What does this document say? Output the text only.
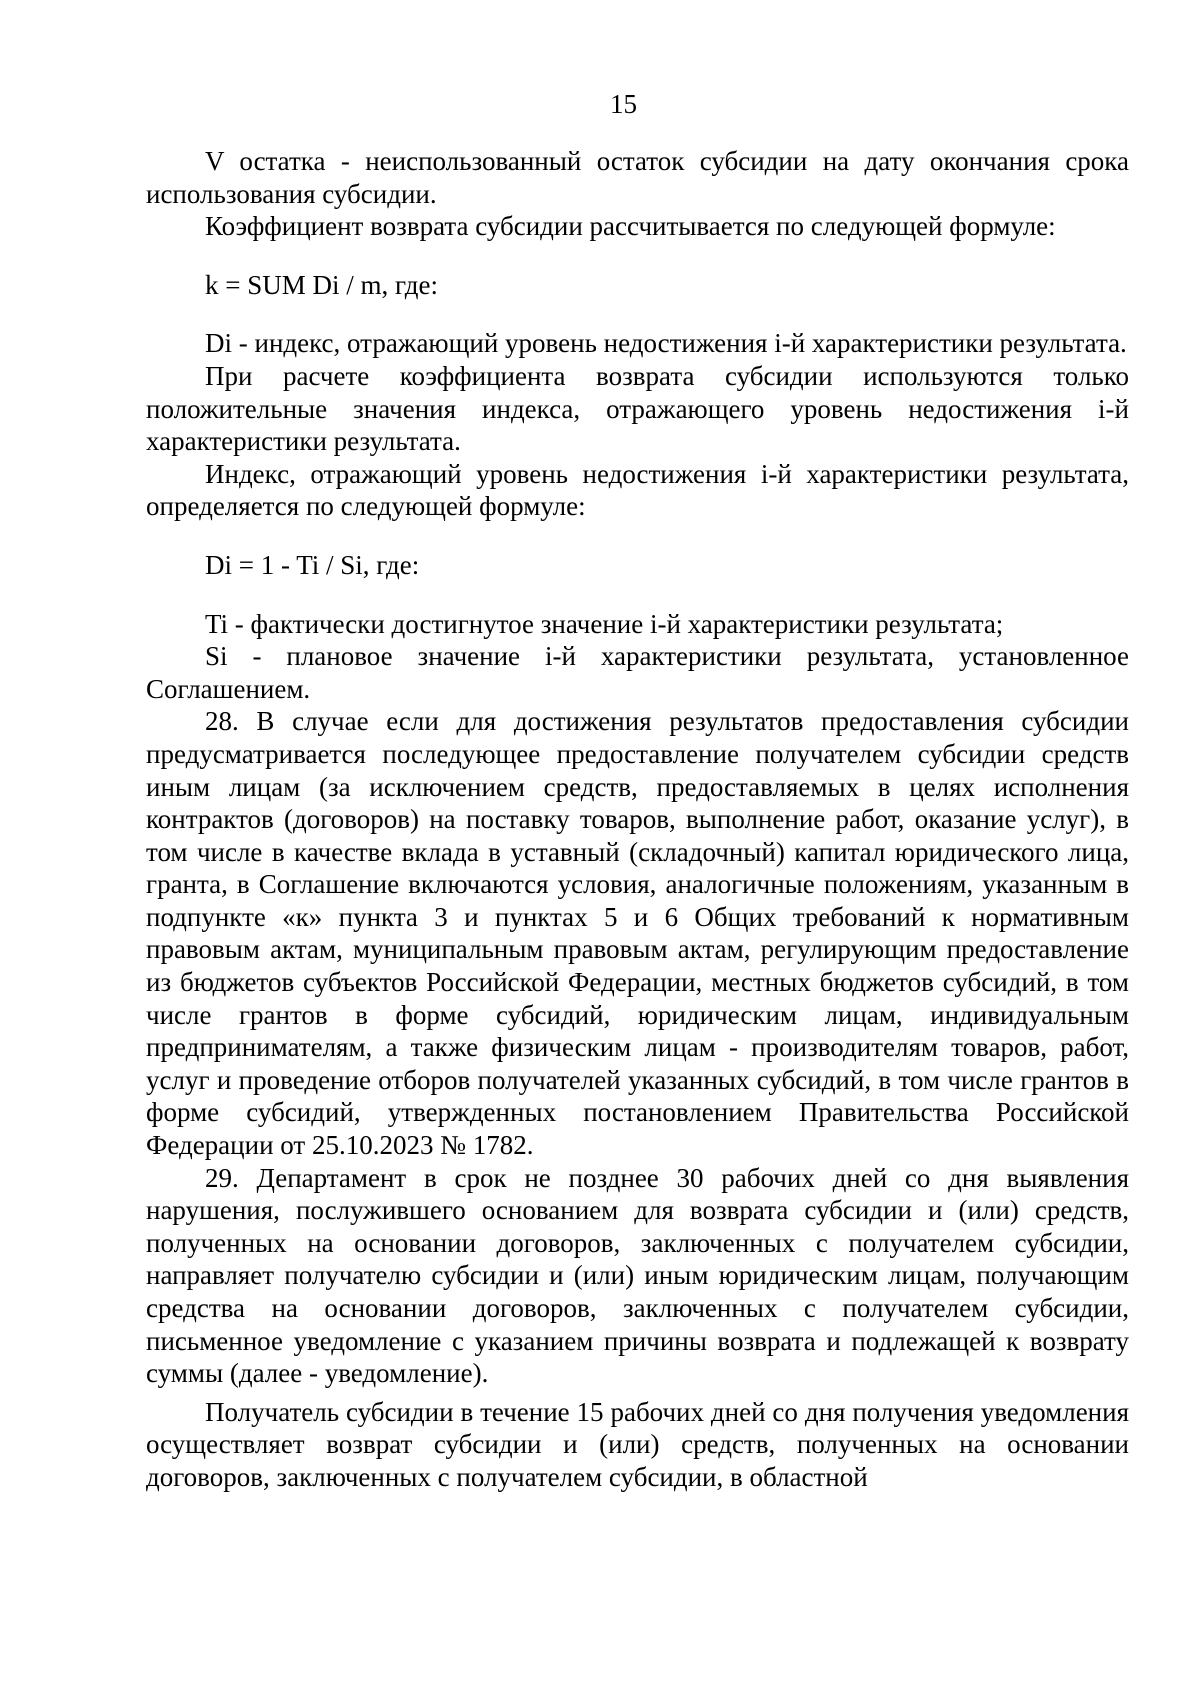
15

V остатка - неиспользованный остаток субсидии на дату окончания срока использования субсидии.

Коэффициент возврата субсидии рассчитывается по следующей формуле:

k = SUM Di / m, где:

Di - индекс, отражающий уровень недостижения i-й характеристики результата.

При расчете коэффициента возврата субсидии используются только положительные значения индекса, отражающего уровень недостижения i-й характеристики результата.

Индекс, отражающий уровень недостижения i-й характеристики результата, определяется по следующей формуле:

Di = 1 - Ti / Si, где:

Ti - фактически достигнутое значение i-й характеристики результата;

Si - плановое значение i-й характеристики результата, установленное Соглашением.

28. В случае если для достижения результатов предоставления субсидии предусматривается последующее предоставление получателем субсидии средств иным лицам (за исключением средств, предоставляемых в целях исполнения контрактов (договоров) на поставку товаров, выполнение работ, оказание услуг), в том числе в качестве вклада в уставный (складочный) капитал юридического лица, гранта, в Соглашение включаются условия, аналогичные положениям, указанным в подпункте «к» пункта 3 и пунктах 5 и 6 Общих требований к нормативным правовым актам, муниципальным правовым актам, регулирующим предоставление из бюджетов субъектов Российской Федерации, местных бюджетов субсидий, в том числе грантов в форме субсидий, юридическим лицам, индивидуальным предпринимателям, а также физическим лицам - производителям товаров, работ, услуг и проведение отборов получателей указанных субсидий, в том числе грантов в форме субсидий, утвержденных постановлением Правительства Российской Федерации от 25.10.2023 № 1782.

29. Департамент в срок не позднее 30 рабочих дней со дня выявления нарушения, послужившего основанием для возврата субсидии и (или) средств, полученных на основании договоров, заключенных с получателем субсидии, направляет получателю субсидии и (или) иным юридическим лицам, получающим средства на основании договоров, заключенных с получателем субсидии, письменное уведомление с указанием причины возврата и подлежащей к возврату суммы (далее - уведомление).

Получатель субсидии в течение 15 рабочих дней со дня получения уведомления осуществляет возврат субсидии и (или) средств, полученных на основании договоров, заключенных с получателем субсидии, в областной
